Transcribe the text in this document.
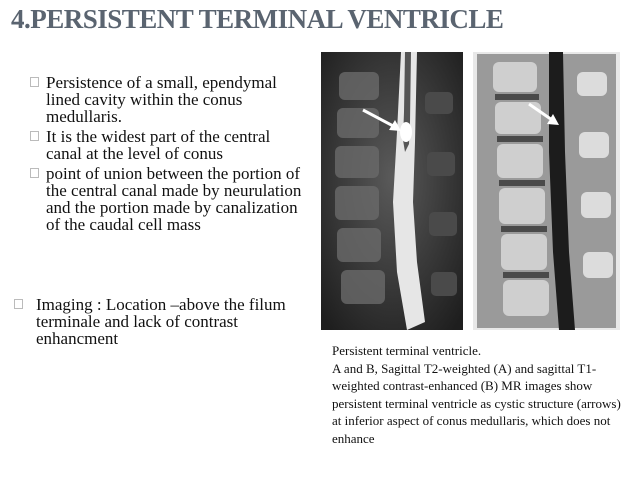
4.PERSISTENT TERMINAL VENTRICLE
Persistence of a small, ependymal lined cavity within the conus medullaris.
It is the widest part of the central canal at the level of conus
point of union between the portion of the central canal made by neurulation and the portion made by canalization of the caudal cell mass
Imaging : Location –above the filum terminale and lack of contrast enhancment
Persistent terminal ventricle.
A and B, Sagittal T2-weighted (A) and sagittal T1-weighted contrast-enhanced (B) MR images show persistent terminal ventricle as cystic structure (arrows) at inferior aspect of conus medullaris, which does not enhance
